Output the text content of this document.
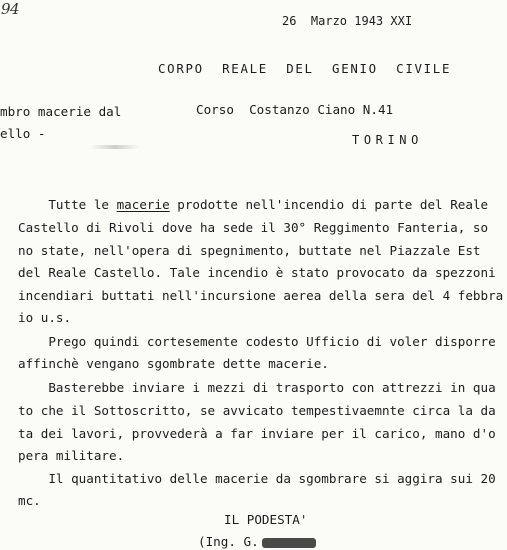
94
26  Marzo 1943 XXI
CORPO  REALE  DEL  GENIO  CIVILE
mbro macerie dal	Corso  Costanzo Ciano N.41
ello -	TORINO
Tutte le macerie prodotte nell'incendio di parte del Reale
Castello di Rivoli dove ha sede il 30° Reggimento Fanteria, so
no state, nell'opera di spegnimento, buttate nel Piazzale Est
del Reale Castello. Tale incendio è stato provocato da spezzoni
incendiari buttati nell'incursione aerea della sera del 4 febbra
io u.s.
Prego quindi cortesemente codesto Ufficio di voler disporre
affinchè vengano sgombrate dette macerie.
Basterebbe inviare i mezzi di trasporto con attrezzi in qua
to che il Sottoscritto, se avvicato tempestivaemnte circa la da
ta dei lavori, provvederà a far inviare per il carico, mano d'o
pera militare.
Il quantitativo delle macerie da sgombrare si aggira sui 20
mc.
IL PODESTA'
(Ing. G.
